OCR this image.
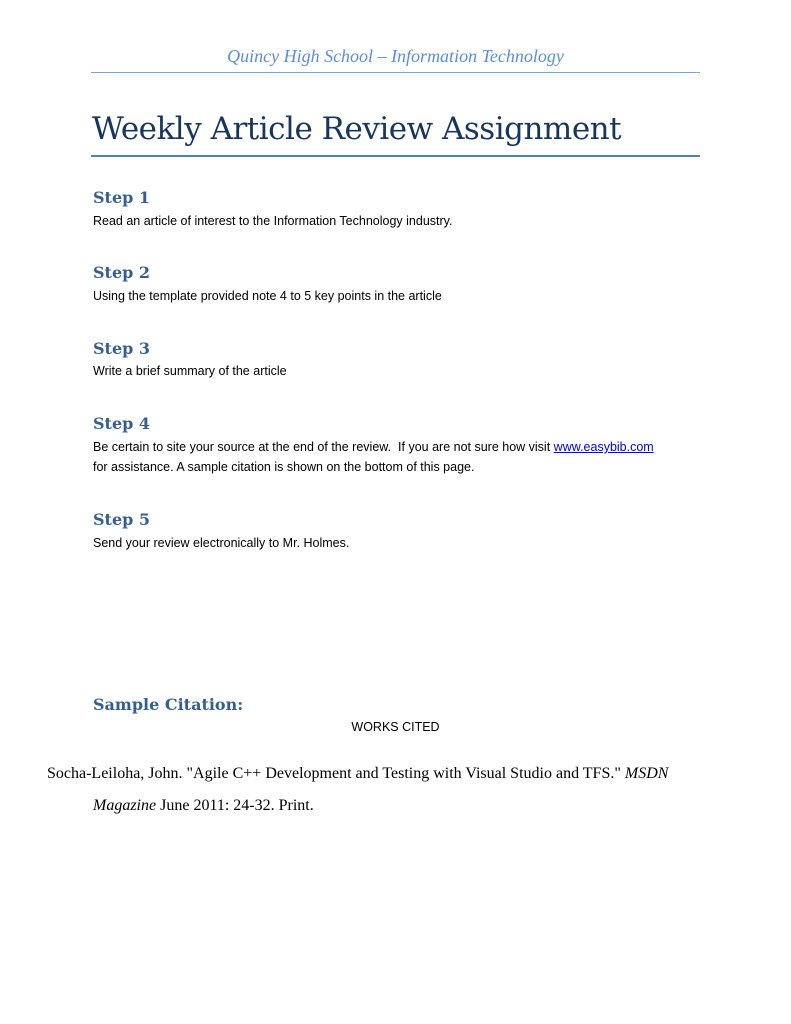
Quincy High School – Information Technology
Weekly Article Review Assignment
Step 1
Read an article of interest to the Information Technology industry.
Step 2
Using the template provided note 4 to 5 key points in the article
Step 3
Write a brief summary of the article
Step 4
Be certain to site your source at the end of the review.  If you are not sure how visit www.easybib.com
for assistance. A sample citation is shown on the bottom of this page.
Step 5
Send your review electronically to Mr. Holmes.
Sample Citation:
WORKS CITED
Socha-Leiloha, John. "Agile C++ Development and Testing with Visual Studio and TFS." MSDN
Magazine June 2011: 24-32. Print.
